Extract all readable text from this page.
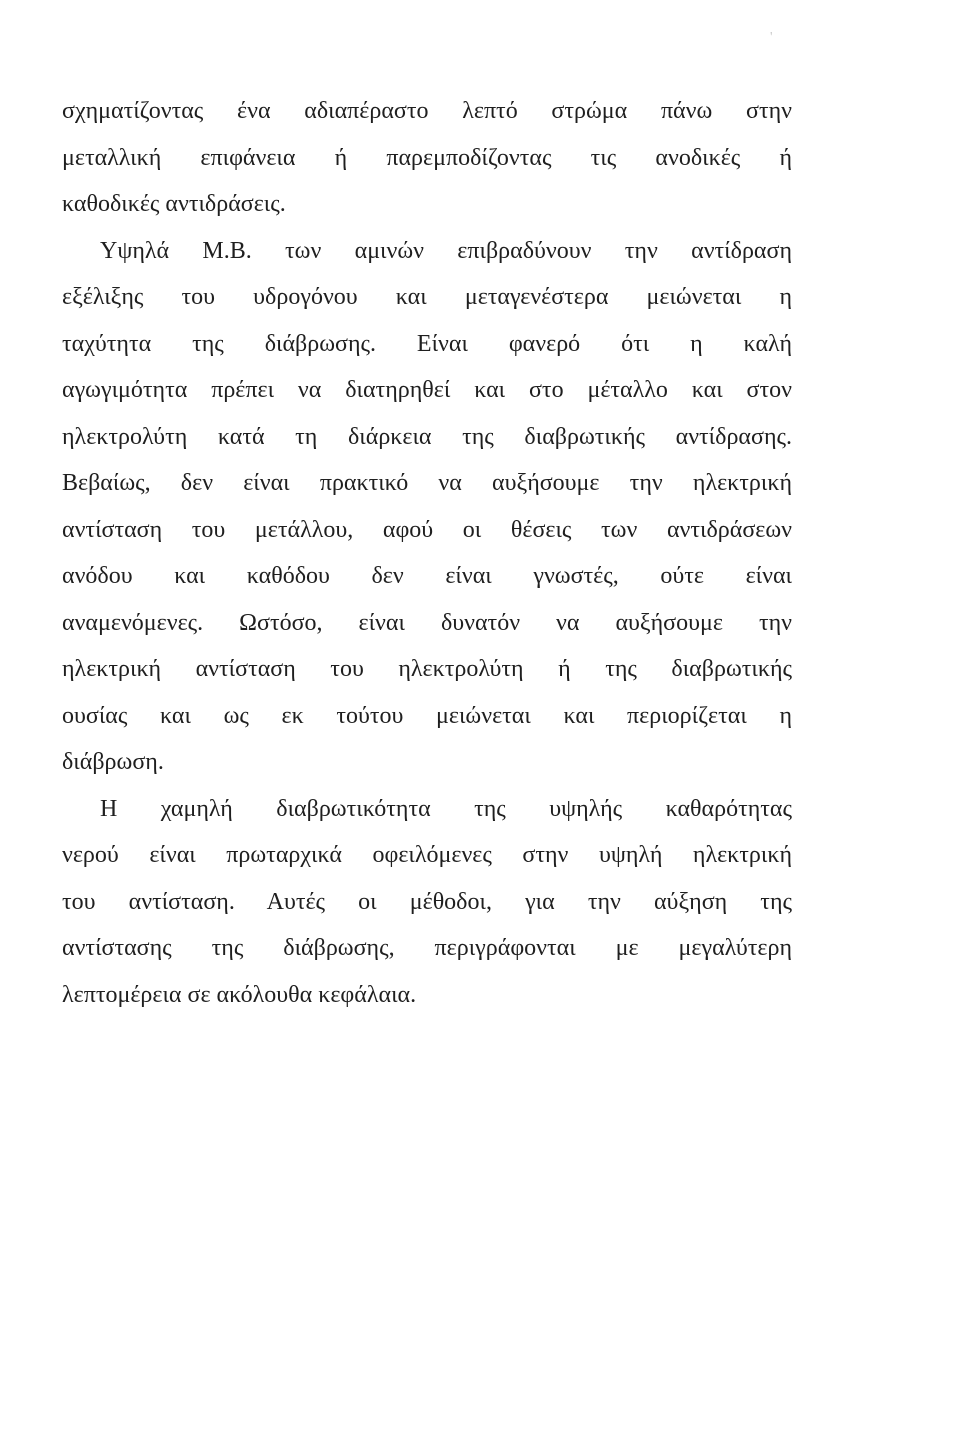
'
σχηματίζοντας ένα αδιαπέραστο λεπτό στρώμα πάνω στην
μεταλλική επιφάνεια ή παρεμποδίζοντας τις ανοδικές ή
καθοδικές αντιδράσεις.
Υψηλά Μ.Β. των αμινών επιβραδύνουν την αντίδραση
εξέλιξης του υδρογόνου και μεταγενέστερα μειώνεται η
ταχύτητα της διάβρωσης. Είναι φανερό ότι η καλή
αγωγιμότητα πρέπει να διατηρηθεί και στο μέταλλο και στον
ηλεκτρολύτη κατά τη διάρκεια της διαβρωτικής αντίδρασης.
Βεβαίως, δεν είναι πρακτικό να αυξήσουμε την ηλεκτρική
αντίσταση του μετάλλου, αφού οι θέσεις των αντιδράσεων
ανόδου και καθόδου δεν είναι γνωστές, ούτε είναι
αναμενόμενες. Ωστόσο, είναι δυνατόν να αυξήσουμε την
ηλεκτρική αντίσταση του ηλεκτρολύτη ή της διαβρωτικής
ουσίας και ως εκ τούτου μειώνεται και περιορίζεται η
διάβρωση.
Η χαμηλή διαβρωτικότητα της υψηλής καθαρότητας
νερού είναι πρωταρχικά οφειλόμενες στην υψηλή ηλεκτρική
του αντίσταση. Αυτές οι μέθοδοι, για την αύξηση της
αντίστασης της διάβρωσης, περιγράφονται με μεγαλύτερη
λεπτομέρεια σε ακόλουθα κεφάλαια.
